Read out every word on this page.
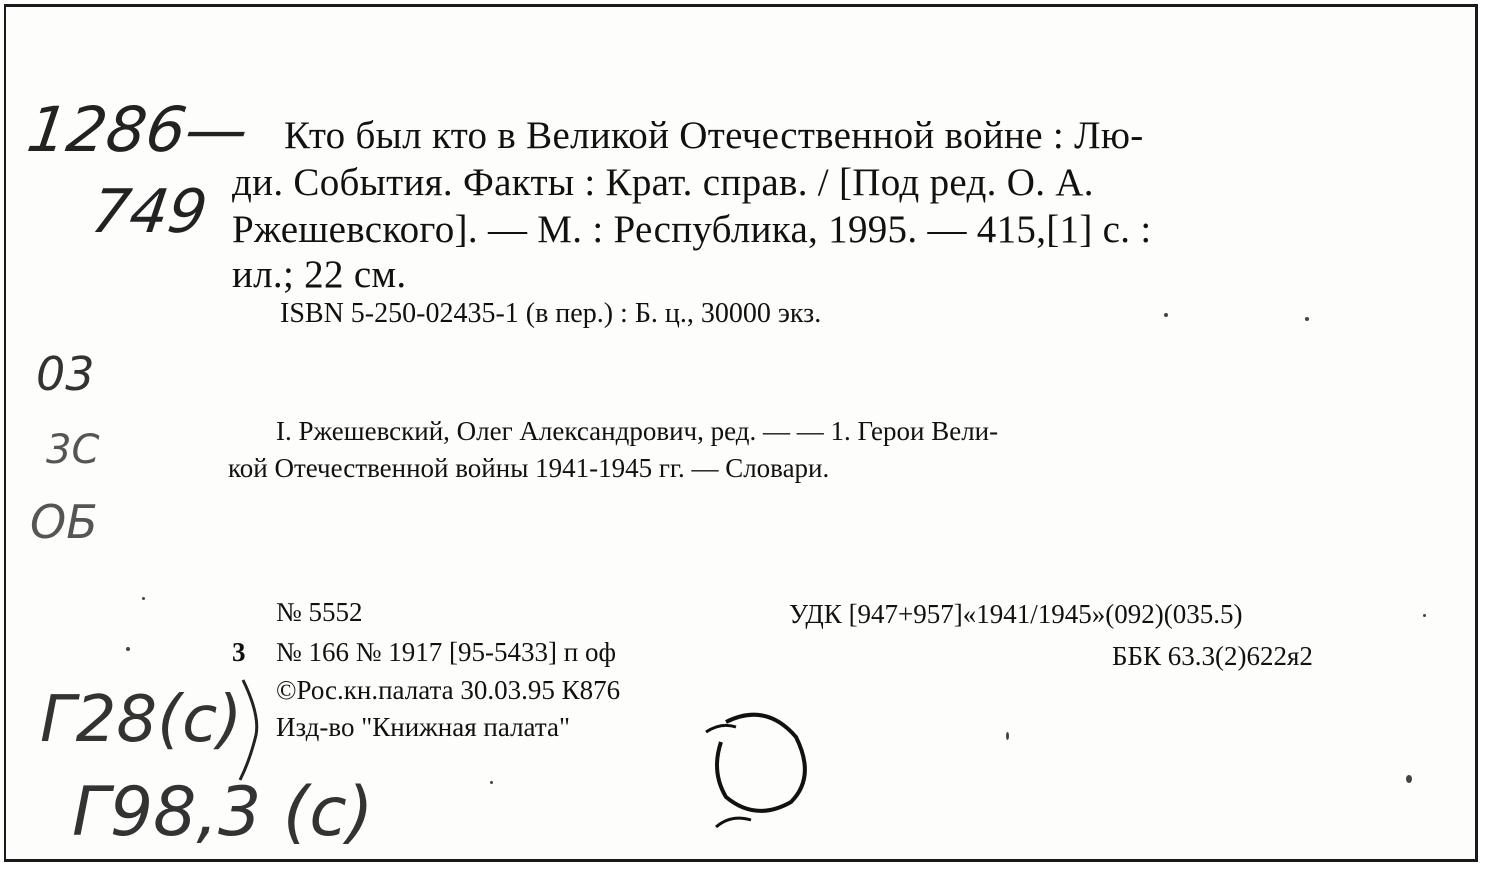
1286—
749

Кто был кто в Великой Отечественной войне : Лю-

ди. События. Факты : Крат. справ. / [Под ред. О. А.

Ржешевского]. — М. : Республика, 1995. — 415,[1] с. :

ил.; 22 см.

ISBN 5-250-02435-1 (в пер.) : Б. ц., 30000 экз.

I. Ржешевский, Олег Александрович, ред. — — 1. Герои Вели-

кой Отечественной войны 1941-1945 гг. — Словари.

№ 5552

3 № 166 № 1917 [95-5433] п оф

©Рос.кн.палата 30.03.95 К876

Изд-во "Книжная палата"

УДК [947+957]«1941/1945»(092)(035.5)

ББК 63.3(2)622я2

03
3С
ОБ
Г28(с)
Г98,3 (с)
